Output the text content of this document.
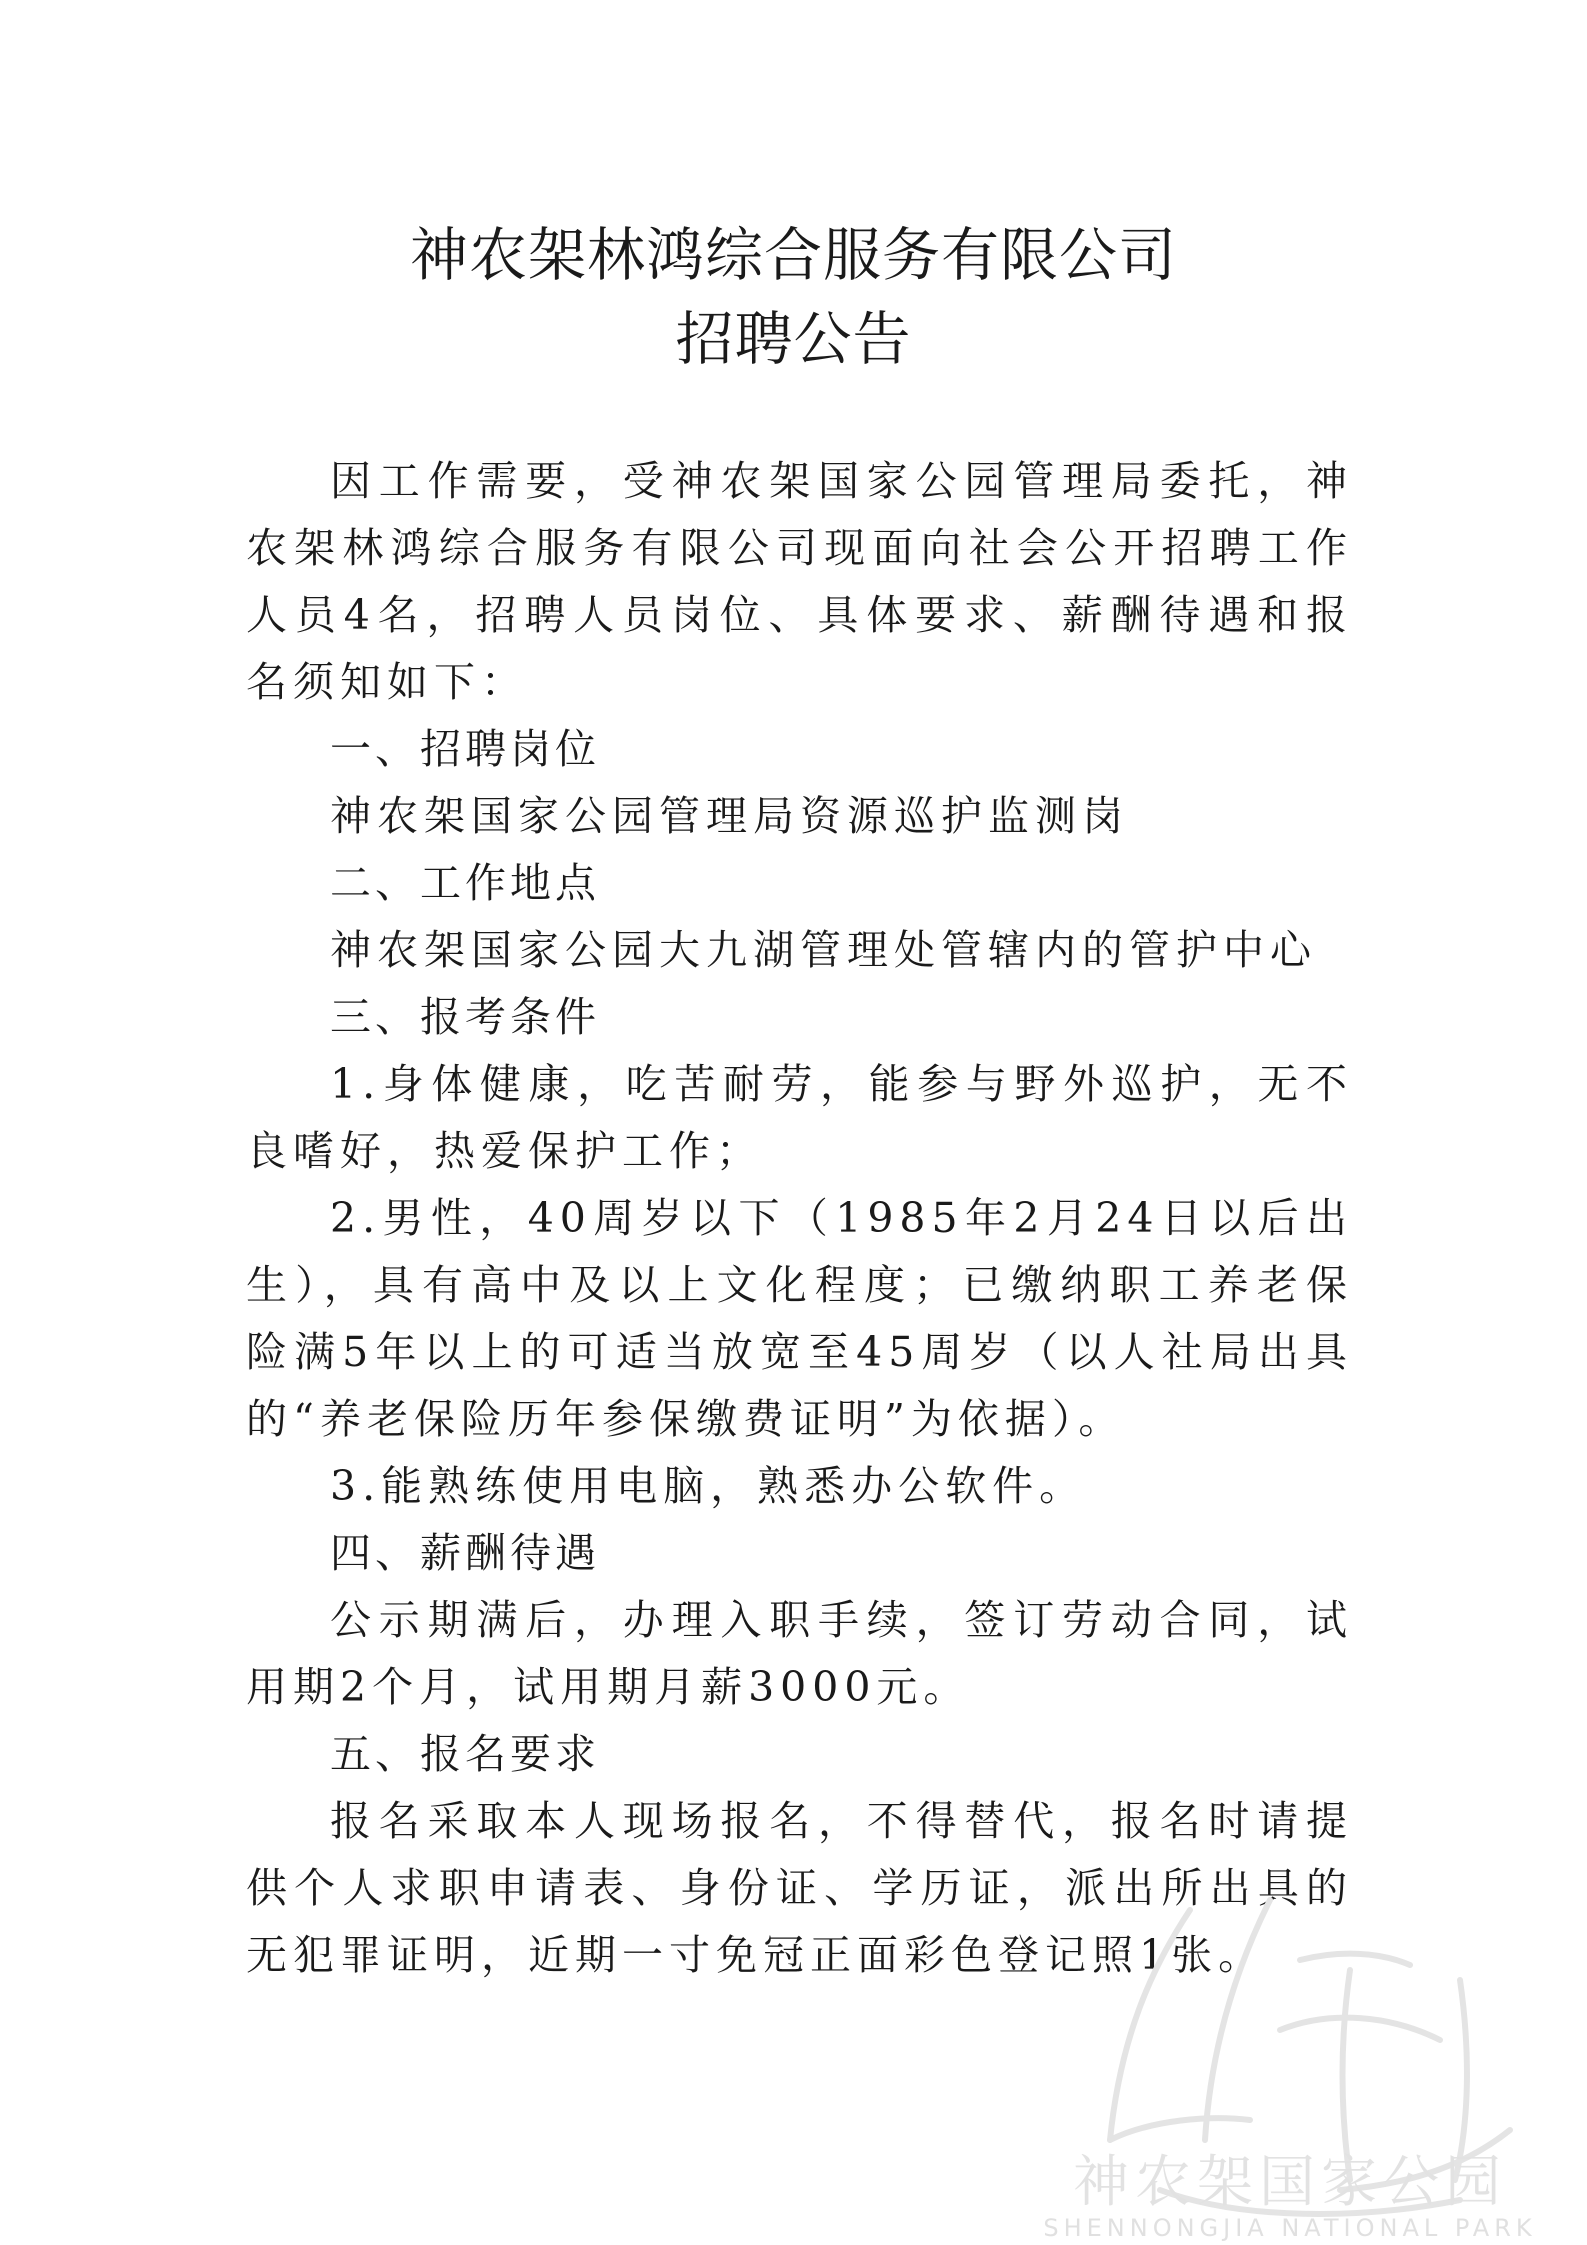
神农架林鸿综合服务有限公司
招聘公告

因工作需要，受神农架国家公园管理局委托，神农架林鸿综合服务有限公司现面向社会公开招聘工作人员4名，招聘人员岗位、具体要求、薪酬待遇和报名须知如下：

一、招聘岗位

神农架国家公园管理局资源巡护监测岗

二、工作地点

神农架国家公园大九湖管理处管辖内的管护中心

三、报考条件

1.身体健康，吃苦耐劳，能参与野外巡护，无不良嗜好，热爱保护工作；

2.男性，40周岁以下（1985年2月24日以后出生），具有高中及以上文化程度；已缴纳职工养老保险满5年以上的可适当放宽至45周岁（以人社局出具的“养老保险历年参保缴费证明”为依据）。

3.能熟练使用电脑，熟悉办公软件。

四、薪酬待遇

公示期满后，办理入职手续，签订劳动合同，试用期2个月，试用期月薪3000元。

五、报名要求

报名采取本人现场报名，不得替代，报名时请提供个人求职申请表、身份证、学历证，派出所出具的无犯罪证明，近期一寸免冠正面彩色登记照1张。

神农架国家公园
SHENNONGJIA NATIONAL PARK
